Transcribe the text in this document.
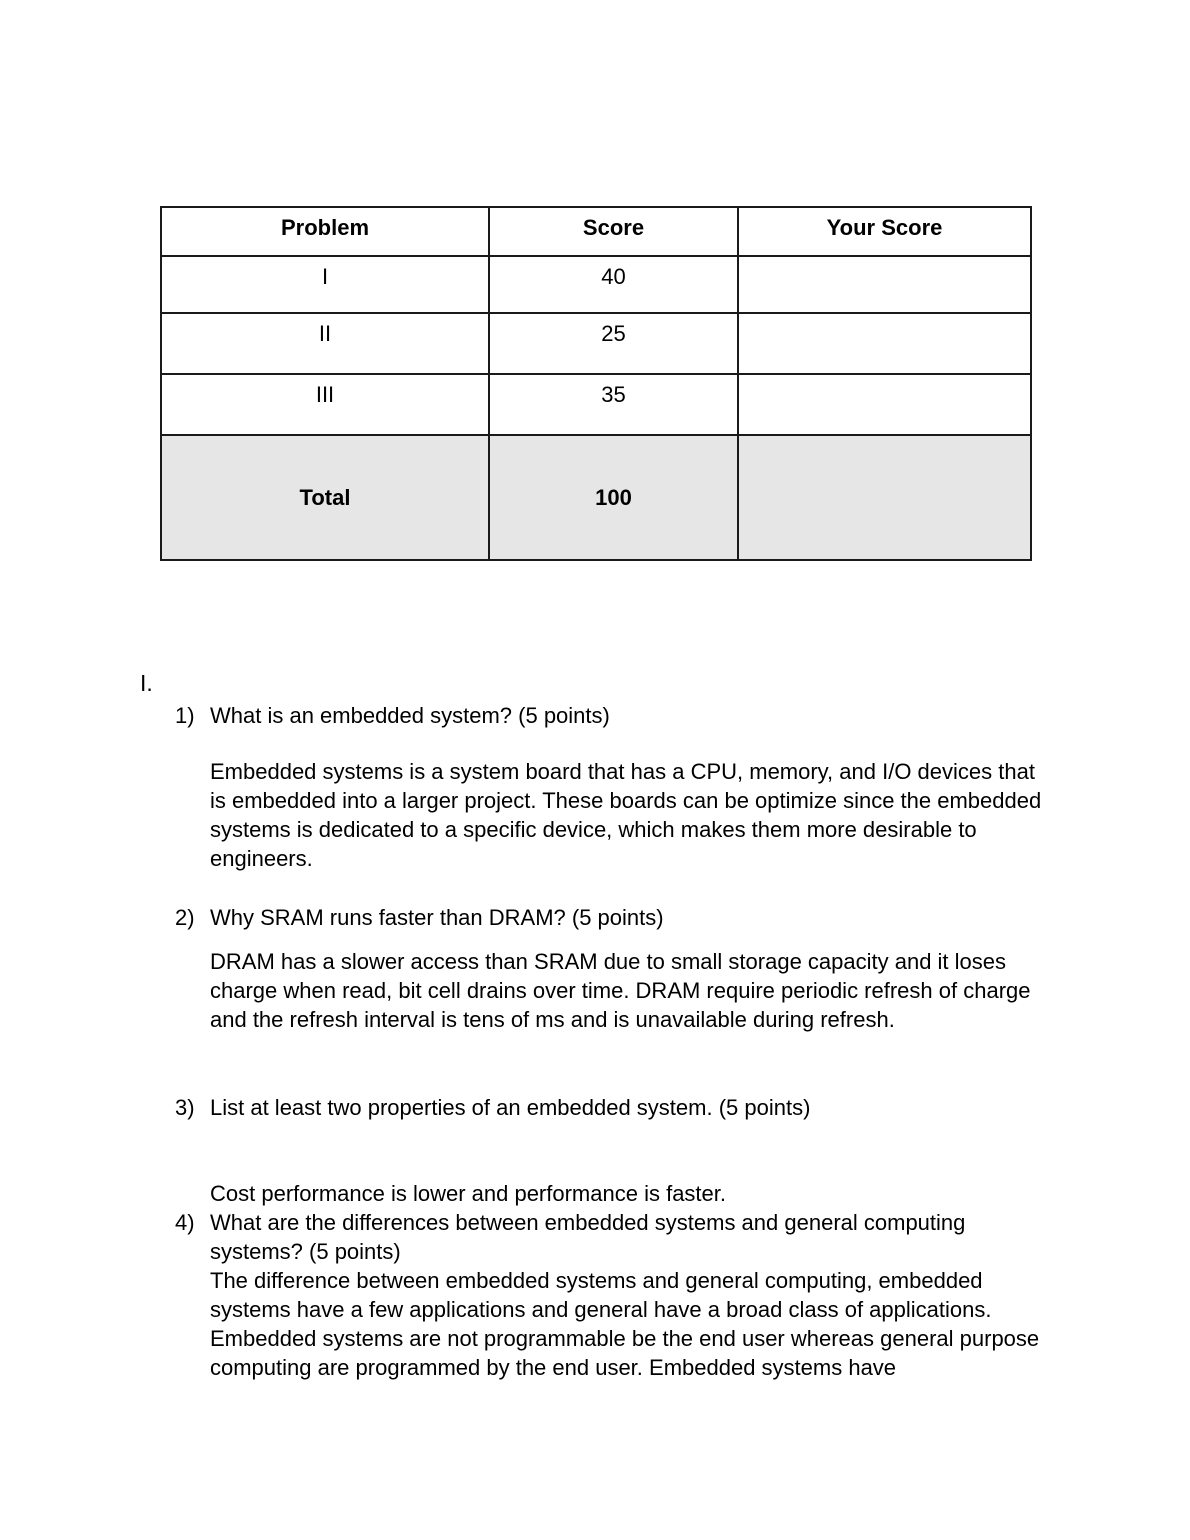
Problem	Score	Your Score
I	40	
II	25	
III	35	
Total	100	
I.
1) What is an embedded system? (5 points)
Embedded systems is a system board that has a CPU, memory, and I/O devices that is embedded into a larger project. These boards can be optimize since the embedded systems is dedicated to a specific device, which makes them more desirable to engineers.
2) Why SRAM runs faster than DRAM? (5 points)
DRAM has a slower access than SRAM due to small storage capacity and it loses charge when read, bit cell drains over time. DRAM require periodic refresh of charge and the refresh interval is tens of ms and is unavailable during refresh.
3) List at least two properties of an embedded system. (5 points)
Cost performance is lower and performance is faster.
4) What are the differences between embedded systems and general computing systems? (5 points)
The difference between embedded systems and general computing, embedded systems have a few applications and general have a broad class of applications. Embedded systems are not programmable be the end user whereas general purpose computing are programmed by the end user. Embedded systems have
